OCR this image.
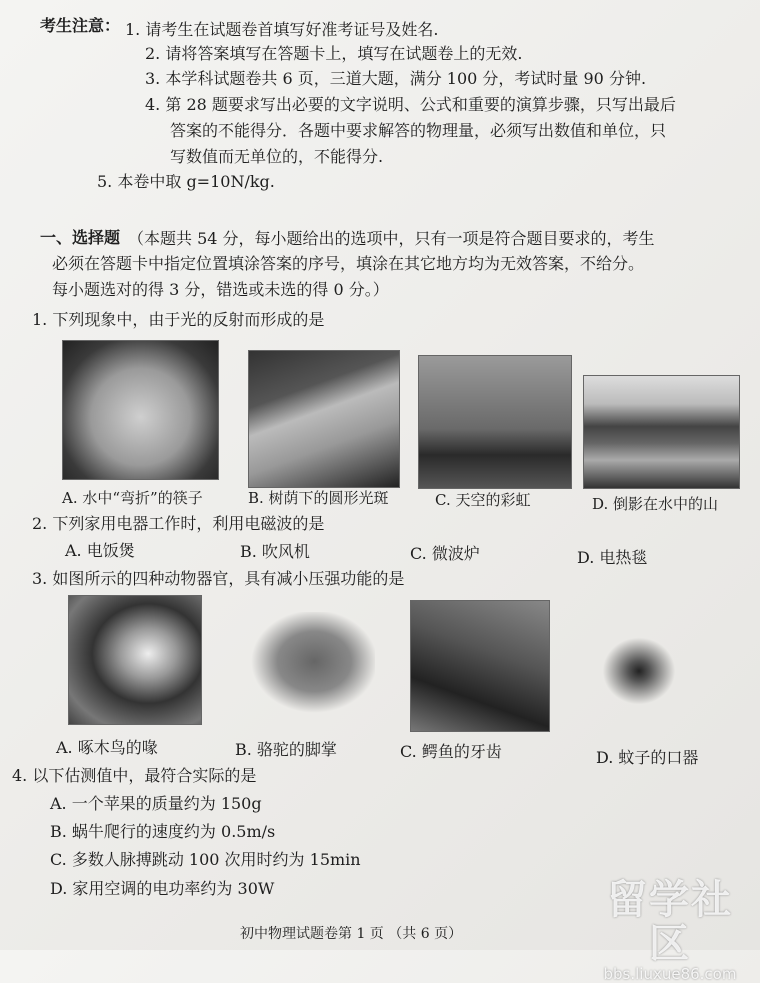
考生注意： 1. 请考生在试题卷首填写好准考证号及姓名.
2. 请将答案填写在答题卡上，填写在试题卷上的无效.
3. 本学科试题卷共 6 页，三道大题，满分 100 分，考试时量 90 分钟.
4. 第 28 题要求写出必要的文字说明、公式和重要的演算步骤，只写出最后
答案的不能得分．各题中要求解答的物理量，必须写出数值和单位，只
写数值而无单位的，不能得分.
5. 本卷中取 g=10N/kg.
一、选择题 （本题共 54 分，每小题给出的选项中，只有一项是符合题目要求的，考生
必须在答题卡中指定位置填涂答案的序号，填涂在其它地方均为无效答案，不给分。
每小题选对的得 3 分，错选或未选的得 0 分。）
1. 下列现象中，由于光的反射而形成的是
A. 水中“弯折”的筷子	B. 树荫下的圆形光斑	C. 天空的彩虹	D. 倒影在水中的山
2. 下列家用电器工作时，利用电磁波的是
A. 电饭煲	B. 吹风机	C. 微波炉	D. 电热毯
3. 如图所示的四种动物器官，具有减小压强功能的是
A. 啄木鸟的喙	B. 骆驼的脚掌	C. 鳄鱼的牙齿	D. 蚊子的口器
4. 以下估测值中，最符合实际的是
A. 一个苹果的质量约为 150g
B. 蜗牛爬行的速度约为 0.5m/s
C. 多数人脉搏跳动 100 次用时约为 15min
D. 家用空调的电功率约为 30W
初中物理试题卷第 1 页 （共 6 页）
留学社区
bbs.liuxue86.com
